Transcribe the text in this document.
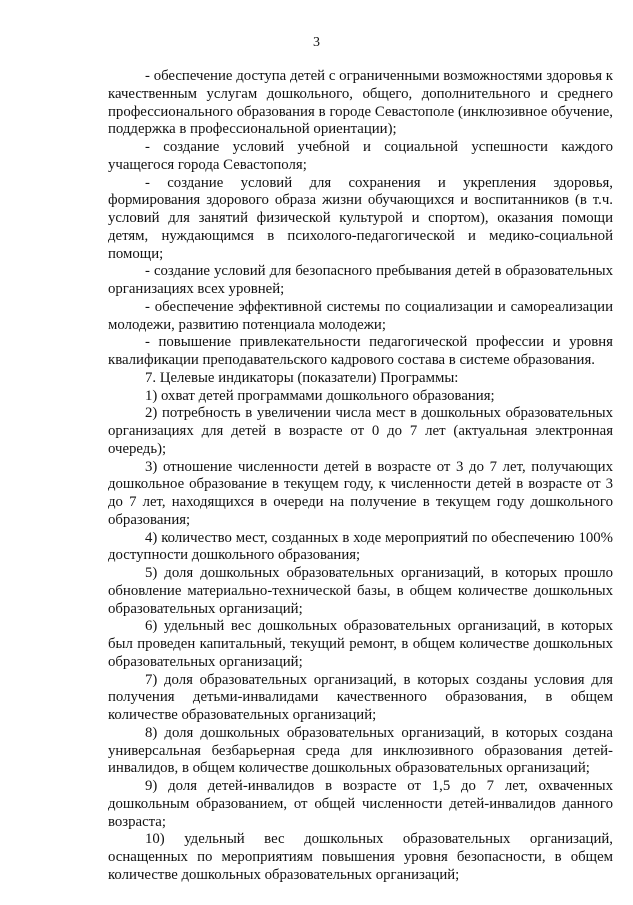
3

- обеспечение доступа детей с ограниченными возможностями здоровья к качественным услугам дошкольного, общего, дополнительного и среднего профессионального образования в городе Севастополе (инклюзивное обучение, поддержка в профессиональной ориентации);

- создание условий учебной и социальной успешности каждого учащегося города Севастополя;

- создание условий для сохранения и укрепления здоровья, формирования здорового образа жизни обучающихся и воспитанников (в т.ч. условий для занятий физической культурой и спортом), оказания помощи детям, нуждающимся в психолого-педагогической и медико-социальной помощи;

- создание условий для безопасного пребывания детей в образовательных организациях всех уровней;

- обеспечение эффективной системы по социализации и самореализации молодежи, развитию потенциала молодежи;

- повышение привлекательности педагогической профессии и уровня квалификации преподавательского кадрового состава в системе образования.

7. Целевые индикаторы (показатели) Программы:

1) охват детей программами дошкольного образования;

2) потребность в увеличении числа мест в дошкольных образовательных организациях для детей в возрасте от 0 до 7 лет (актуальная электронная очередь);

3) отношение численности детей в возрасте от 3 до 7 лет, получающих дошкольное образование в текущем году, к численности детей в возрасте от 3 до 7 лет, находящихся в очереди на получение в текущем году дошкольного образования;

4) количество мест, созданных в ходе мероприятий по обеспечению 100% доступности дошкольного образования;

5) доля дошкольных образовательных организаций, в которых прошло обновление материально-технической базы, в общем количестве дошкольных образовательных организаций;

6) удельный вес дошкольных образовательных организаций, в которых был проведен капитальный, текущий ремонт, в общем количестве дошкольных образовательных организаций;

7) доля образовательных организаций, в которых созданы условия для получения детьми-инвалидами качественного образования, в общем количестве образовательных организаций;

8) доля дошкольных образовательных организаций, в которых создана универсальная безбарьерная среда для инклюзивного образования детей-инвалидов, в общем количестве дошкольных образовательных организаций;

9) доля детей-инвалидов в возрасте от 1,5 до 7 лет, охваченных дошкольным образованием, от общей численности детей-инвалидов данного возраста;

10) удельный вес дошкольных образовательных организаций, оснащенных по мероприятиям повышения уровня безопасности, в общем количестве дошкольных образовательных организаций;
